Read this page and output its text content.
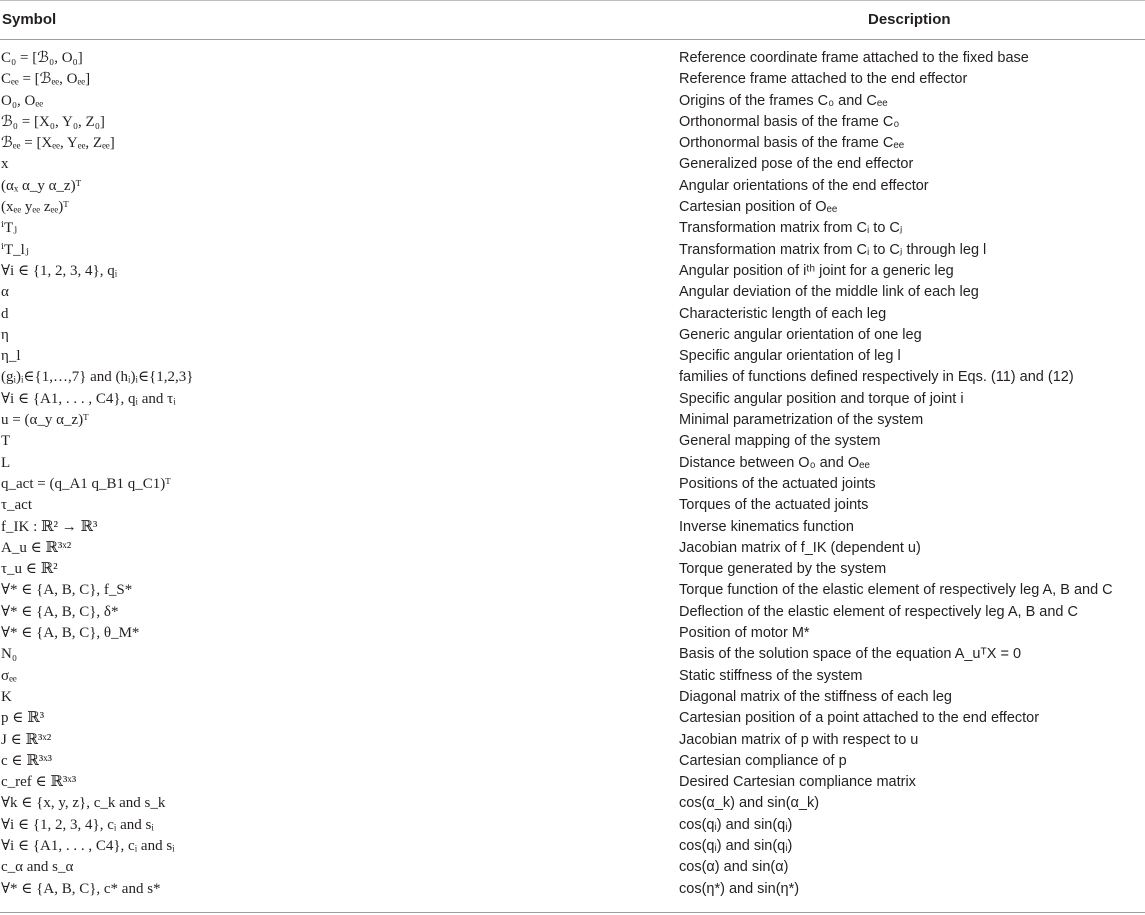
Symbol	Description
C₀ = [ℬ₀, O₀]	Reference coordinate frame attached to the fixed base
Cₑₑ = [ℬₑₑ, Oₑₑ]	Reference frame attached to the end effector
O₀, Oₑₑ	Origins of the frames C₀ and Cₑₑ
ℬ₀ = [X₀, Y₀, Z₀]	Orthonormal basis of the frame C₀
ℬₑₑ = [Xₑₑ, Yₑₑ, Zₑₑ]	Orthonormal basis of the frame Cₑₑ
x	Generalized pose of the end effector
(αₓ α_y α_z)ᵀ	Angular orientations of the end effector
(xₑₑ yₑₑ zₑₑ)ᵀ	Cartesian position of Oₑₑ
ⁱTⱼ	Transformation matrix from Cᵢ to Cⱼ
ⁱT_lⱼ	Transformation matrix from Cᵢ to Cⱼ through leg l
∀i ∈ {1, 2, 3, 4}, qᵢ	Angular position of iᵗʰ joint for a generic leg
α	Angular deviation of the middle link of each leg
d	Characteristic length of each leg
η	Generic angular orientation of one leg
η_l	Specific angular orientation of leg l
(gᵢ)ᵢ∈{1,…,7} and (hᵢ)ᵢ∈{1,2,3}	families of functions defined respectively in Eqs. (11) and (12)
∀i ∈ {A1, . . . , C4}, qᵢ and τᵢ	Specific angular position and torque of joint i
u = (α_y α_z)ᵀ	Minimal parametrization of the system
T	General mapping of the system
L	Distance between O₀ and Oₑₑ
q_act = (q_A1 q_B1 q_C1)ᵀ	Positions of the actuated joints
τ_act	Torques of the actuated joints
f_IK : ℝ² → ℝ³	Inverse kinematics function
A_u ∈ ℝ³ˣ²	Jacobian matrix of f_IK (dependent u)
τ_u ∈ ℝ²	Torque generated by the system
∀* ∈ {A, B, C}, f_S*	Torque function of the elastic element of respectively leg A, B and C
∀* ∈ {A, B, C}, δ*	Deflection of the elastic element of respectively leg A, B and C
∀* ∈ {A, B, C}, θ_M*	Position of motor M*
N₀	Basis of the solution space of the equation A_uᵀX = 0
σₑₑ	Static stiffness of the system
K	Diagonal matrix of the stiffness of each leg
p ∈ ℝ³	Cartesian position of a point attached to the end effector
J ∈ ℝ³ˣ²	Jacobian matrix of p with respect to u
c ∈ ℝ³ˣ³	Cartesian compliance of p
c_ref ∈ ℝ³ˣ³	Desired Cartesian compliance matrix
∀k ∈ {x, y, z}, c_k and s_k	cos(α_k) and sin(α_k)
∀i ∈ {1, 2, 3, 4}, cᵢ and sᵢ	cos(qᵢ) and sin(qᵢ)
∀i ∈ {A1, . . . , C4}, cᵢ and sᵢ	cos(qᵢ) and sin(qᵢ)
c_α and s_α	cos(α) and sin(α)
∀* ∈ {A, B, C}, c* and s*	cos(η*) and sin(η*)
